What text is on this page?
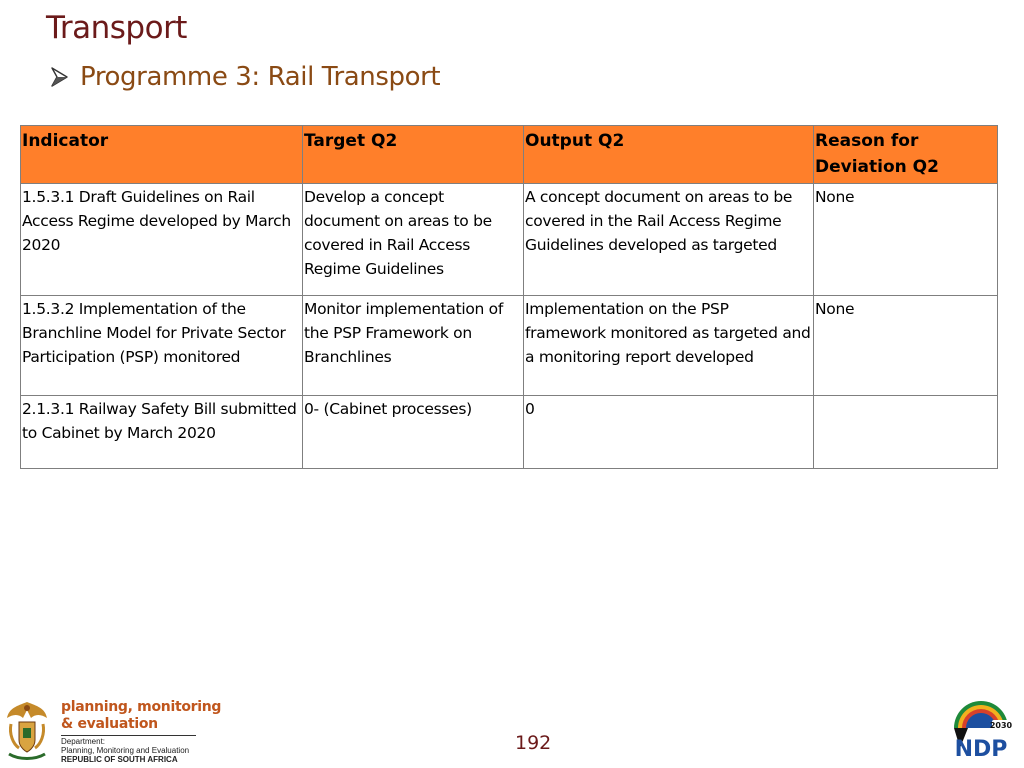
Transport
Programme 3: Rail Transport
Indicator	Target Q2	Output Q2	Reason for Deviation Q2
1.5.3.1 Draft Guidelines on Rail Access Regime developed by March 2020	Develop a concept document on areas to be covered in Rail Access Regime Guidelines	A concept document on areas to be covered in the Rail Access Regime Guidelines developed as targeted	None
1.5.3.2 Implementation of the Branchline Model for Private Sector Participation (PSP) monitored	Monitor implementation of the PSP Framework on Branchlines	Implementation on the PSP framework monitored as targeted and a monitoring report developed	None
2.1.3.1 Railway Safety Bill submitted to Cabinet by March 2020	0- (Cabinet processes)	0	
planning, monitoring
& evaluation
Department:
Planning, Monitoring and Evaluation
REPUBLIC OF SOUTH AFRICA
192
2030
NDP
